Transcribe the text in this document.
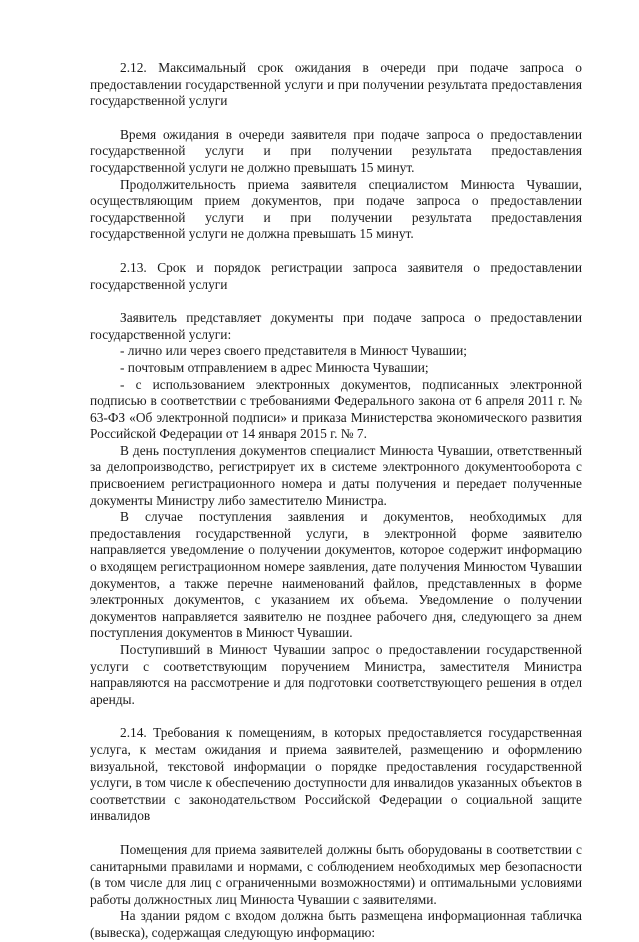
2.12. Максимальный срок ожидания в очереди при подаче запроса о предоставлении государственной услуги и при получении результата предоставления государственной услуги

Время ожидания в очереди заявителя при подаче запроса о предоставлении государственной услуги и при получении результата предоставления государственной услуги не должно превышать 15 минут.

Продолжительность приема заявителя специалистом Минюста Чувашии, осуществляющим прием документов, при подаче запроса о предоставлении государственной услуги и при получении результата предоставления государственной услуги не должна превышать 15 минут.

2.13. Срок и порядок регистрации запроса заявителя о предоставлении государственной услуги

Заявитель представляет документы при подаче запроса о предоставлении государственной услуги:

- лично или через своего представителя в Минюст Чувашии;

- почтовым отправлением в адрес Минюста Чувашии;

- с использованием электронных документов, подписанных электронной подписью в соответствии с требованиями Федерального закона от 6 апреля 2011 г. № 63-ФЗ «Об электронной подписи» и приказа Министерства экономического развития Российской Федерации от 14 января 2015 г. № 7.

В день поступления документов специалист Минюста Чувашии, ответственный за делопроизводство, регистрирует их в системе электронного документооборота с присвоением регистрационного номера и даты получения и передает полученные документы Министру либо заместителю Министра.

В случае поступления заявления и документов, необходимых для предоставления государственной услуги, в электронной форме заявителю направляется уведомление о получении документов, которое содержит информацию о входящем регистрационном номере заявления, дате получения Минюстом Чувашии документов, а также перечне наименований файлов, представленных в форме электронных документов, с указанием их объема. Уведомление о получении документов направляется заявителю не позднее рабочего дня, следующего за днем поступления документов в Минюст Чувашии.

Поступивший в Минюст Чувашии запрос о предоставлении государственной услуги с соответствующим поручением Министра, заместителя Министра направляются на рассмотрение и для подготовки соответствующего решения в отдел аренды.

2.14. Требования к помещениям, в которых предоставляется государственная услуга, к местам ожидания и приема заявителей, размещению и оформлению визуальной, текстовой информации о порядке предоставления государственной услуги, в том числе к обеспечению доступности для инвалидов указанных объектов в соответствии с законодательством Российской Федерации о социальной защите инвалидов

Помещения для приема заявителей должны быть оборудованы в соответствии с санитарными правилами и нормами, с соблюдением необходимых мер безопасности (в том числе для лиц с ограниченными возможностями) и оптимальными условиями работы должностных лиц Минюста Чувашии с заявителями.

На здании рядом с входом должна быть размещена информационная табличка (вывеска), содержащая следующую информацию:
